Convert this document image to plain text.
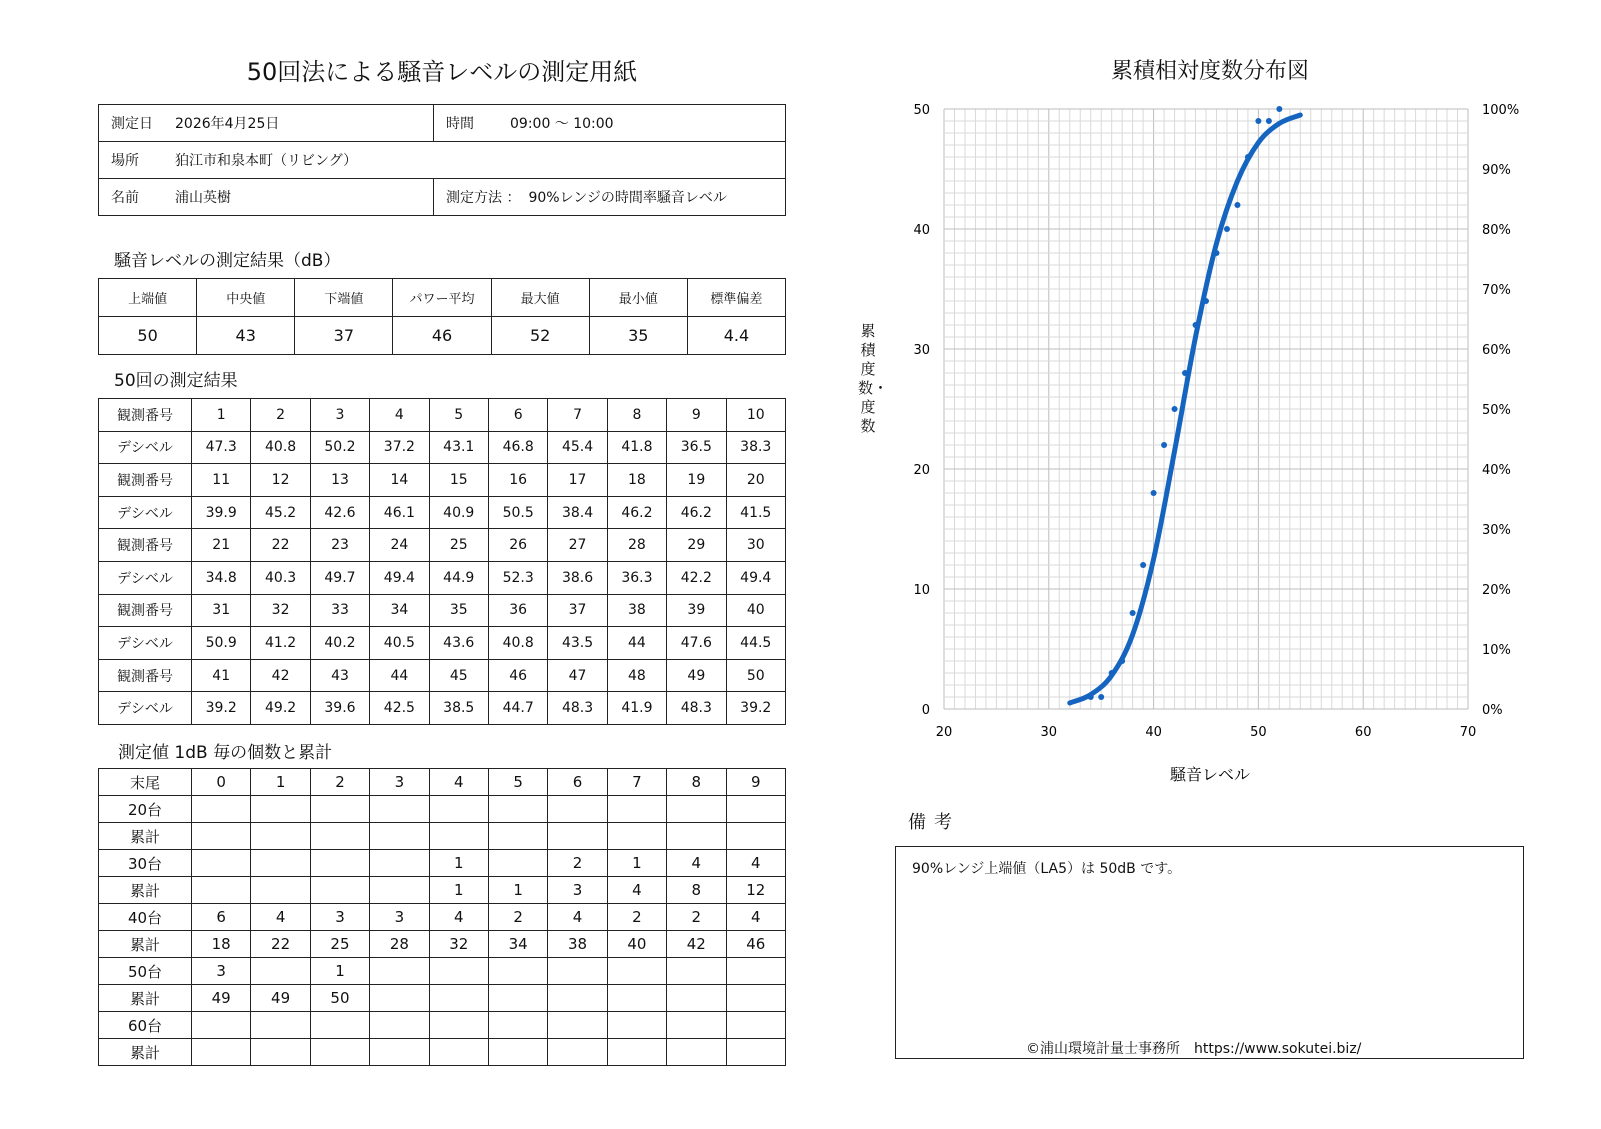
50回法による騒音レベルの測定用紙
測定日 2026年4月25日	時間 09:00 ～ 10:00
場所 狛江市和泉本町（リビング）	
名前 浦山英樹	測定方法 ： 90%レンジの時間率騒音レベル
騒音レベルの測定結果（dB）
上端値	中央値	下端値	パワー平均	最大値	最小値	標準偏差
50	43	37	46	52	35	4.4
50回の測定結果
観測番号	1	2	3	4	5	6	7	8	9	10
デシベル	47.3	40.8	50.2	37.2	43.1	46.8	45.4	41.8	36.5	38.3
観測番号	11	12	13	14	15	16	17	18	19	20
デシベル	39.9	45.2	42.6	46.1	40.9	50.5	38.4	46.2	46.2	41.5
観測番号	21	22	23	24	25	26	27	28	29	30
デシベル	34.8	40.3	49.7	49.4	44.9	52.3	38.6	36.3	42.2	49.4
観測番号	31	32	33	34	35	36	37	38	39	40
デシベル	50.9	41.2	40.2	40.5	43.6	40.8	43.5	44	47.6	44.5
観測番号	41	42	43	44	45	46	47	48	49	50
デシベル	39.2	49.2	39.6	42.5	38.5	44.7	48.3	41.9	48.3	39.2
測定値 1dB 毎の個数と累計
末尾	0	1	2	3	4	5	6	7	8	9
20台										
累計										
30台					1		2	1	4	4
累計					1	1	3	4	8	12
40台	6	4	3	3	4	2	4	2	2	4
累計	18	22	25	28	32	34	38	40	42	46
50台	3		1							
累計	49	49	50							
60台										
累計										
累積相対度数分布図
累積度数・度数
20	30	40	50	60	70
0
10
20
30
40
50
0%
10%
20%
30%
40%
50%
60%
70%
80%
90%
100%
騒音レベル
備考
90%レンジ上端値（LA5）は 50dB です。
©浦山環境計量士事務所　https://www.sokutei.biz/
